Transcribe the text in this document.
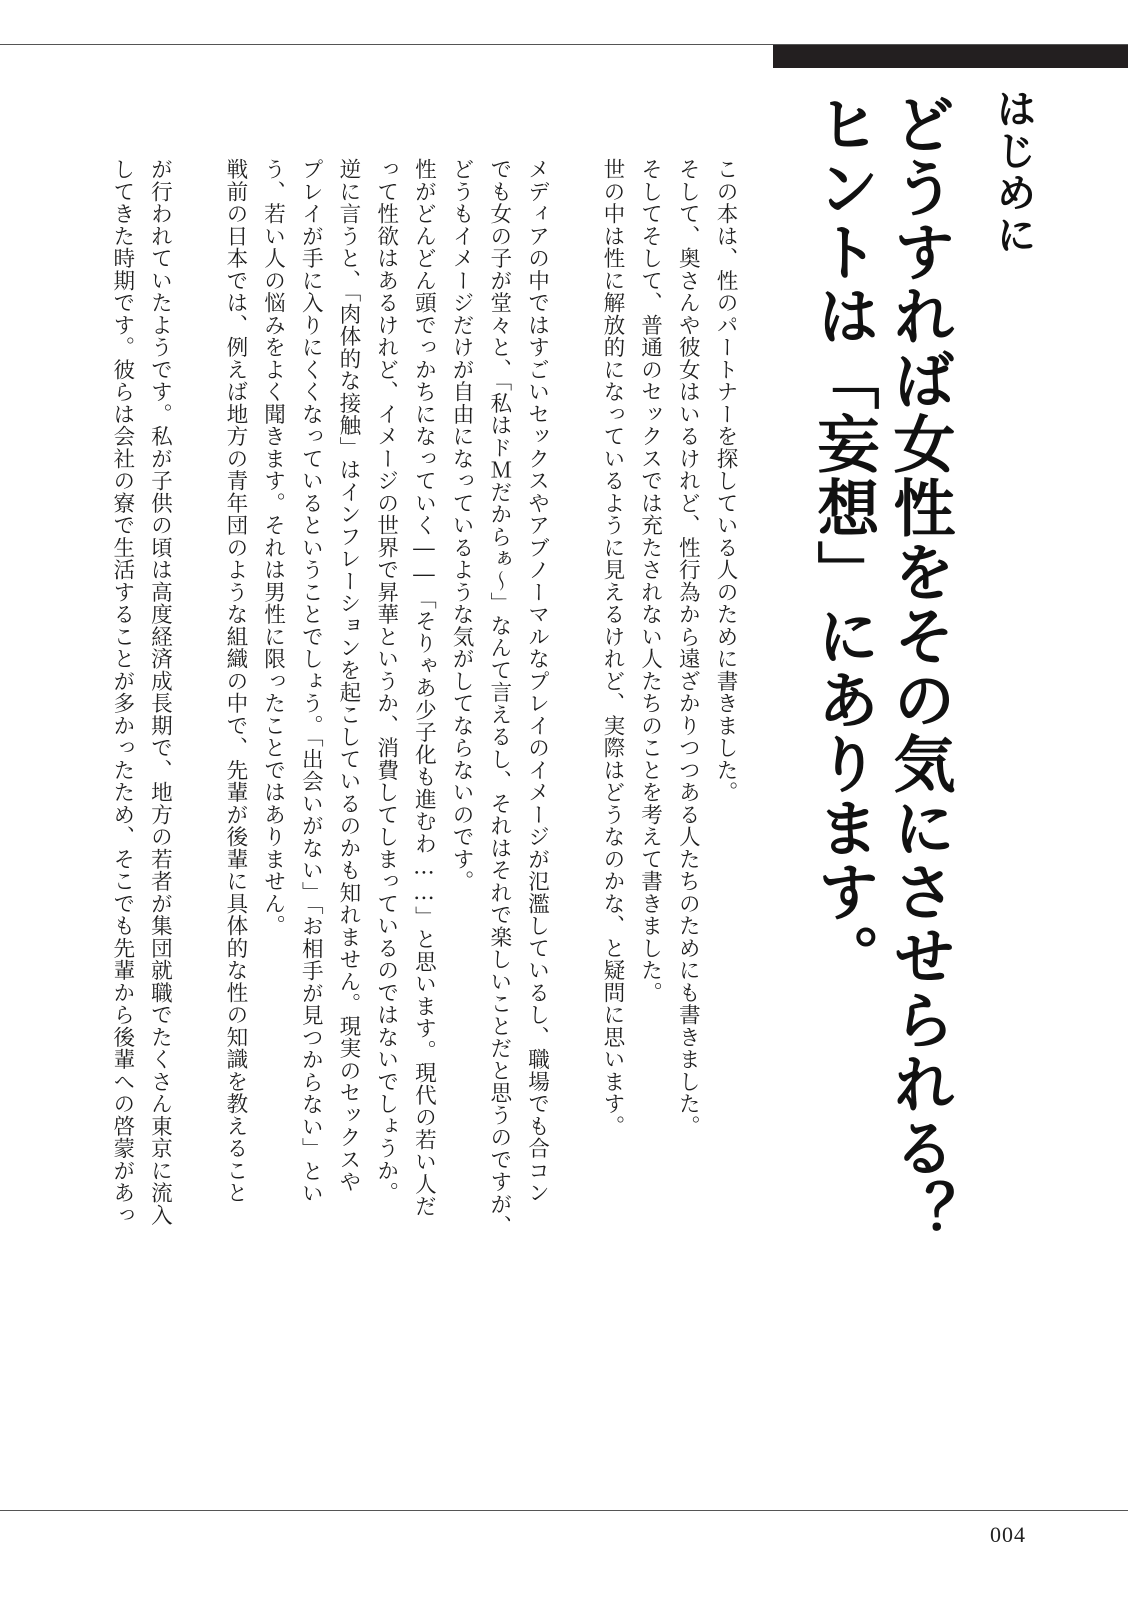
はじめに
どうすれば女性をその気にさせられる？
ヒントは「妄想」にあります。

この本は、性のパートナーを探している人のために書きました。

そして、奥さんや彼女はいるけれど、性行為から遠ざかりつつある人たちのためにも書きました。

そしてそして、普通のセックスでは充たされない人たちのことを考えて書きました。

世の中は性に解放的になっているように見えるけれど、実際はどうなのかな、と疑問に思います。

メディアの中ではすごいセックスやアブノーマルなプレイのイメージが氾濫しているし、職場でも合コン

でも女の子が堂々と、「私はドＭだからぁ〜」なんて言えるし、それはそれで楽しいことだと思うのですが、

どうもイメージだけが自由になっているような気がしてならないのです。

性がどんどん頭でっかちになっていく――「そりゃあ少子化も進むわ……」と思います。現代の若い人だ

って性欲はあるけれど、イメージの世界で昇華というか、消費してしまっているのではないでしょうか。

逆に言うと、「肉体的な接触」はインフレーションを起こしているのかも知れません。現実のセックスや

プレイが手に入りにくくなっているということでしょう。「出会いがない」「お相手が見つからない」とい

う、若い人の悩みをよく聞きます。それは男性に限ったことではありません。

戦前の日本では、例えば地方の青年団のような組織の中で、先輩が後輩に具体的な性の知識を教えること

が行われていたようです。私が子供の頃は高度経済成長期で、地方の若者が集団就職でたくさん東京に流入

してきた時期です。彼らは会社の寮で生活することが多かったため、そこでも先輩から後輩への啓蒙があっ

004
